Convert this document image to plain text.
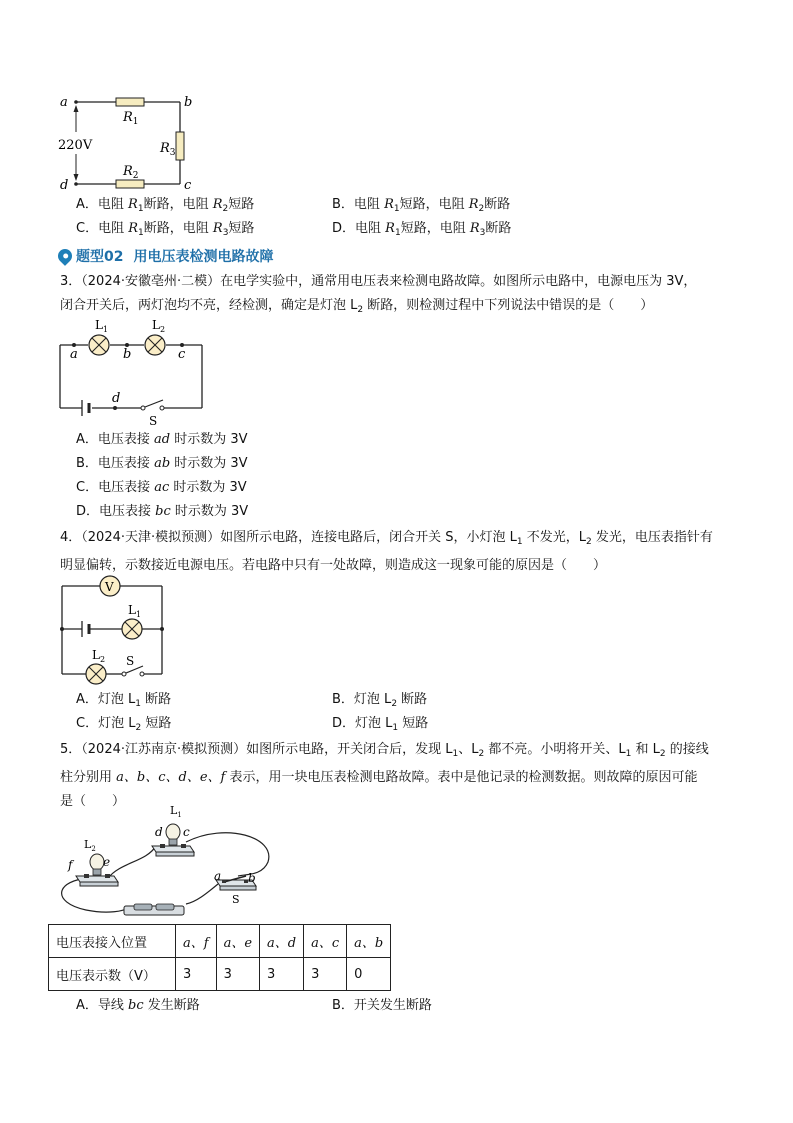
a	b
c
d
220V
$R_1$
$R_2$
$R_3$
A．电阻 $R_1$断路，电阻 $R_2$短路	B．电阻 $R_1$短路，电阻 $R_2$断路
C．电阻 $R_1$断路，电阻 $R_3$短路	D．电阻 $R_1$短路，电阻 $R_3$断路
题型02 用电压表检测电路故障
3．（2024·安徽亳州·二模）在电学实验中，通常用电压表来检测电路故障。如图所示电路中，电源电压为 3V，
闭合开关后，两灯泡均不亮，经检测，确定是灯泡 $L_2$ 断路，则检测过程中下列说法中错误的是（　　）
$L_1$	$L_2$
a	b	c
d
S
A．电压表接 ad 时示数为 3V
B．电压表接 ab 时示数为 3V
C．电压表接 ac 时示数为 3V
D．电压表接 bc 时示数为 3V
4．（2024·天津·模拟预测）如图所示电路，连接电路后，闭合开关 S，小灯泡 $L_1$ 不发光，$L_2$ 发光，电压表指针有
明显偏转，示数接近电源电压。若电路中只有一处故障，则造成这一现象可能的原因是（　　）
V
$L_1$
$L_2$ S
A．灯泡 $L_1$ 断路	B．灯泡 $L_2$ 断路
C．灯泡 $L_2$ 短路	D．灯泡 $L_1$ 短路
5．（2024·江苏南京·模拟预测）如图所示电路，开关闭合后，发现 $L_1$、$L_2$ 都不亮。小明将开关、$L_1$ 和 $L_2$ 的接线
柱分别用 a、b、c、d、e、f 表示，用一块电压表检测电路故障。表中是他记录的检测数据。则故障的原因可能
是（　　）
$L_1$
$L_2$
d c
e
f
a b
S
电压表接入位置	a、f	a、e	a、d	a、c	a、b
电压表示数（V）	3	3	3	3	0
A．导线 bc 发生断路	B．开关发生断路
